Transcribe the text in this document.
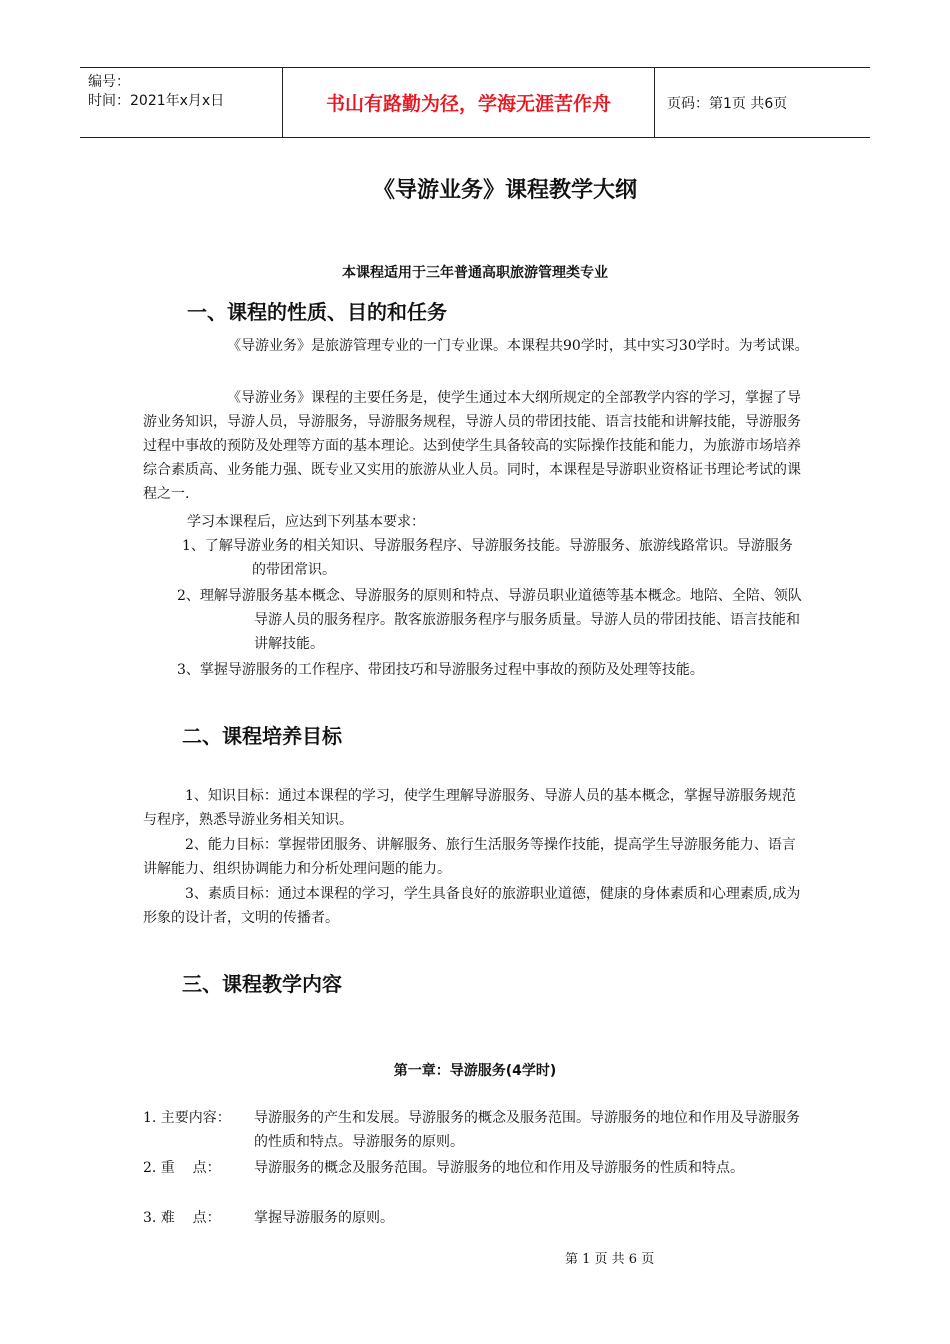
编号：
时间：2021年x月x日	书山有路勤为径，学海无涯苦作舟	页码：第1页 共6页
《导游业务》课程教学大纲
本课程适用于三年普通高职旅游管理类专业
一、课程的性质、目的和任务
《导游业务》是旅游管理专业的一门专业课。本课程共90学时，其中实习30学时。为考试课。
《导游业务》课程的主要任务是，使学生通过本大纲所规定的全部教学内容的学习，掌握了导游业务知识，导游人员，导游服务，导游服务规程，导游人员的带团技能、语言技能和讲解技能，导游服务过程中事故的预防及处理等方面的基本理论。达到使学生具备较高的实际操作技能和能力，为旅游市场培养综合素质高、业务能力强、既专业又实用的旅游从业人员。同时，本课程是导游职业资格证书理论考试的课程之一.
学习本课程后，应达到下列基本要求：
1、了解导游业务的相关知识、导游服务程序、导游服务技能。导游服务、旅游线路常识。导游服务的带团常识。
2、理解导游服务基本概念、导游服务的原则和特点、导游员职业道德等基本概念。地陪、全陪、领队导游人员的服务程序。散客旅游服务程序与服务质量。导游人员的带团技能、语言技能和讲解技能。
3、掌握导游服务的工作程序、带团技巧和导游服务过程中事故的预防及处理等技能。
二、课程培养目标
1、知识目标：通过本课程的学习，使学生理解导游服务、导游人员的基本概念，掌握导游服务规范与程序，熟悉导游业务相关知识。
2、能力目标：掌握带团服务、讲解服务、旅行生活服务等操作技能，提高学生导游服务能力、语言讲解能力、组织协调能力和分析处理问题的能力。
3、素质目标：通过本课程的学习，学生具备良好的旅游职业道德，健康的身体素质和心理素质,成为形象的设计者，文明的传播者。
三、课程教学内容
第一章：导游服务(4学时)
1. 主要内容：	导游服务的产生和发展。导游服务的概念及服务范围。导游服务的地位和作用及导游服务的性质和特点。导游服务的原则。
2. 重    点：	导游服务的概念及服务范围。导游服务的地位和作用及导游服务的性质和特点。
3. 难    点：	掌握导游服务的原则。
第 1 页 共 6 页
